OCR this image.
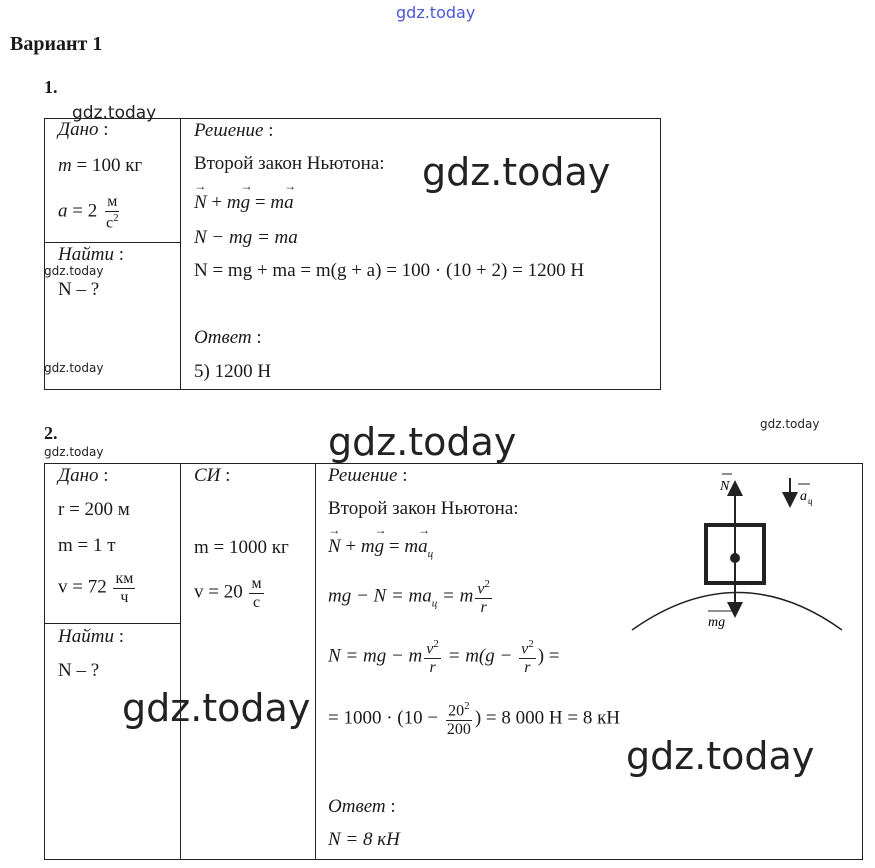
gdz.today
gdz.today
gdz.today
gdz.today
gdz.today
gdz.today
gdz.today
gdz.today
gdz.today
gdz.today
Вариант 1
1.
Дано :
m = 100 кг
$a = 2 \frac{м}{с^2}$
Найти :
N – ?
Решение :
Второй закон Ньютона:
→ N + m→ g = m→ a
N − mg = ma
N = mg + ma = m(g + a) = 100 · (10 + 2) = 1200 Н
Ответ :
5) 1200 Н
2.
Дано :
r = 200 м
m = 1 т
$v = 72 \frac{км}{ч}$
Найти :
N – ?
СИ :
m = 1000 кг
$v = 20 \frac{м}{с}$
Решение :
Второй закон Ньютона:
→ $N + m\to g = m\to a_ц$
mg − $N = ma_ц = m \frac{v^2}{r}$
N = mg − m $\frac{v^2}{r} = m(g - \frac{v^2}{r}$ ) =
= $1000 \cdot (10 - \frac{20^2}{200}$ ) = 8 000 Н = 8 кН
Ответ :
N = 8 кН
N
mg
a ц
